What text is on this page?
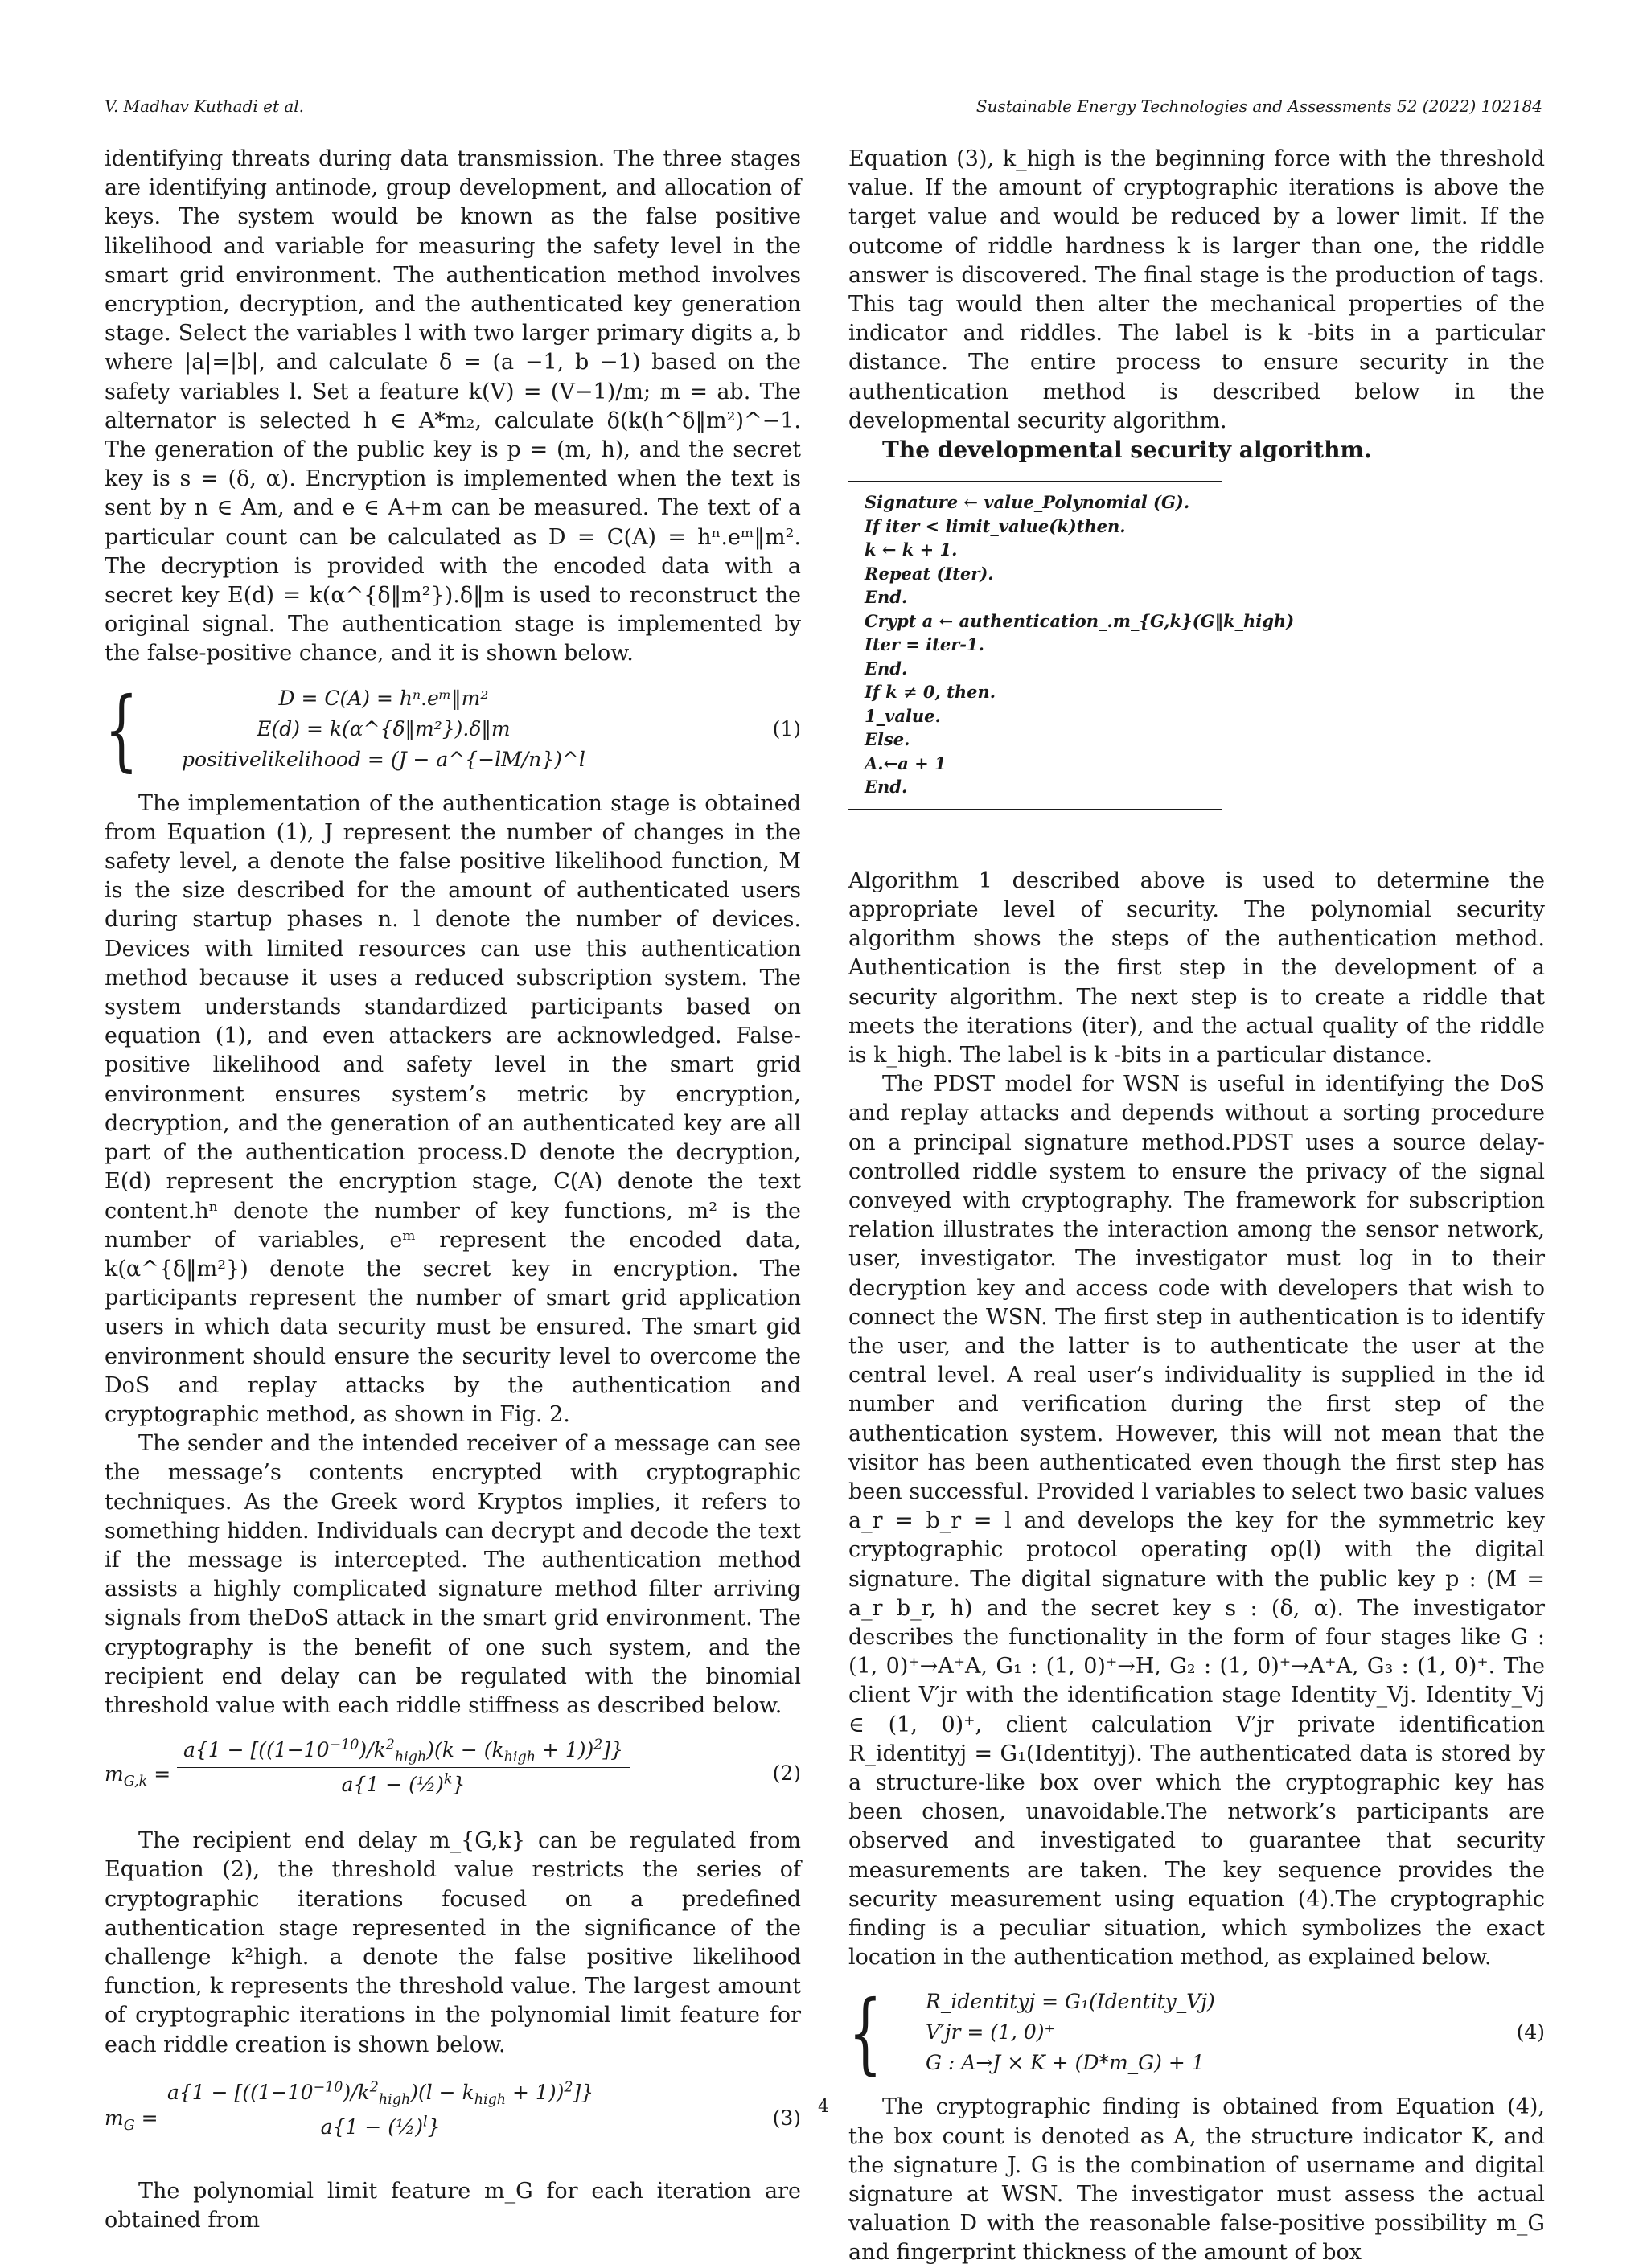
V. Madhav Kuthadi et al.	Sustainable Energy Technologies and Assessments 52 (2022) 102184

identifying threats during data transmission. The three stages are identifying antinode, group development, and allocation of keys. The system would be known as the false positive likelihood and variable for measuring the safety level in the smart grid environment. The authentication method involves encryption, decryption, and the authenticated key generation stage. Select the variables l with two larger primary digits a, b where |a|=|b|, and calculate δ = (a −1, b −1) based on the safety variables l. Set a feature k(V) = (V−1)/m; m = ab. The alternator is selected h ∈ A*m₂, calculate δ(k(h^δ‖m²)^−1. The generation of the public key is p = (m, h), and the secret key is s = (δ, α). Encryption is implemented when the text is sent by n ∈ Am, and e ∈ A+m can be measured. The text of a particular count can be calculated as D = C(A) = hⁿ.eᵐ‖m². The decryption is provided with the encoded data with a secret key E(d) = k(α^{δ‖m²}).δ‖m is used to reconstruct the original signal. The authentication stage is implemented by the false-positive chance, and it is shown below.

{	D = C(A) = hⁿ.eᵐ‖m²
E(d) = k(α^{δ‖m²}).δ‖m
positivelikelihood = (J − a^{−lM/n})^l
(1)

The implementation of the authentication stage is obtained from Equation (1), J represent the number of changes in the safety level, a denote the false positive likelihood function, M is the size described for the amount of authenticated users during startup phases n. l denote the number of devices. Devices with limited resources can use this authentication method because it uses a reduced subscription system. The system understands standardized participants based on equation (1), and even attackers are acknowledged. False-positive likelihood and safety level in the smart grid environment ensures system’s metric by encryption, decryption, and the generation of an authenticated key are all part of the authentication process.D denote the decryption, E(d) represent the encryption stage, C(A) denote the text content.hⁿ denote the number of key functions, m² is the number of variables, eᵐ represent the encoded data, k(α^{δ‖m²}) denote the secret key in encryption. The participants represent the number of smart grid application users in which data security must be ensured. The smart gid environment should ensure the security level to overcome the DoS and replay attacks by the authentication and cryptographic method, as shown in Fig. 2.

The sender and the intended receiver of a message can see the message’s contents encrypted with cryptographic techniques. As the Greek word Kryptos implies, it refers to something hidden. Individuals can decrypt and decode the text if the message is intercepted. The authentication method assists a highly complicated signature method filter arriving signals from theDoS attack in the smart grid environment. The cryptography is the benefit of one such system, and the recipient end delay can be regulated with the binomial threshold value with each riddle stiffness as described below.

$m_{G,k}$ =
$a\{1 - [((1-10^{-10})/k^2_{high})(k - (k_{high} + 1))^2]\}$
a{1 − (½)$^k$}	(2)

The recipient end delay m_{G,k} can be regulated from Equation (2), the threshold value restricts the series of cryptographic iterations focused on a predefined authentication stage represented in the significance of the challenge k²high. a denote the false positive likelihood function, k represents the threshold value. The largest amount of cryptographic iterations in the polynomial limit feature for each riddle creation is shown below.

$m_G$ =
$a\{1 - [((1-10^{-10})/k^2_{high})(l - k_{high} + 1))^2]$}
a{1 − (½)$^l$}	(3)

The polynomial limit feature m_G for each iteration are obtained from

Equation (3), k_high is the beginning force with the threshold value. If the amount of cryptographic iterations is above the target value and would be reduced by a lower limit. If the outcome of riddle hardness k is larger than one, the riddle answer is discovered. The final stage is the production of tags. This tag would then alter the mechanical properties of the indicator and riddles. The label is k -bits in a particular distance. The entire process to ensure security in the authentication method is described below in the developmental security algorithm.

The developmental security algorithm.

Signature ← value_Polynomial (G).
If iter < limit_value(k)then.
k ← k + 1.
Repeat (Iter).
End.
Crypt a ← authentication_.m_{G,k}(G‖k_high)
Iter = iter-1.
End.
If k ≠ 0, then.
1_value.
Else.
A.←a + 1
End.

Algorithm 1 described above is used to determine the appropriate level of security. The polynomial security algorithm shows the steps of the authentication method. Authentication is the first step in the development of a security algorithm. The next step is to create a riddle that meets the iterations (iter), and the actual quality of the riddle is k_high. The label is k -bits in a particular distance.

The PDST model for WSN is useful in identifying the DoS and replay attacks and depends without a sorting procedure on a principal signature method.PDST uses a source delay-controlled riddle system to ensure the privacy of the signal conveyed with cryptography. The framework for subscription relation illustrates the interaction among the sensor network, user, investigator. The investigator must log in to their decryption key and access code with developers that wish to connect the WSN. The first step in authentication is to identify the user, and the latter is to authenticate the user at the central level. A real user’s individuality is supplied in the id number and verification during the first step of the authentication system. However, this will not mean that the visitor has been authenticated even though the first step has been successful. Provided l variables to select two basic values a_r = b_r = l and develops the key for the symmetric key cryptographic protocol operating op(l) with the digital signature. The digital signature with the public key p : (M = a_r b_r, h) and the secret key s : (δ, α). The investigator describes the functionality in the form of four stages like G : (1, 0)⁺→A⁺A, G₁ : (1, 0)⁺→H, G₂ : (1, 0)⁺→A⁺A, G₃ : (1, 0)⁺. The client V′jr with the identification stage Identity_Vj. Identity_Vj ∈ (1, 0)⁺, client calculation V′jr private identification R_identityj = G₁(Identityj). The authenticated data is stored by a structure-like box over which the cryptographic key has been chosen, unavoidable.The network’s participants are observed and investigated to guarantee that security measurements are taken. The key sequence provides the security measurement using equation (4).The cryptographic finding is a peculiar situation, which symbolizes the exact location in the authentication method, as explained below.

{ R_identityj = G₁(Identity_Vj)
V′jr = (1, 0)⁺
G : A→J × K + (D*m_G) + 1
(4)

The cryptographic finding is obtained from Equation (4), the box count is denoted as A, the structure indicator K, and the signature J. G is the combination of username and digital signature at WSN. The investigator must assess the actual valuation D with the reasonable false-positive possibility m_G and fingerprint thickness of the amount of box

4
